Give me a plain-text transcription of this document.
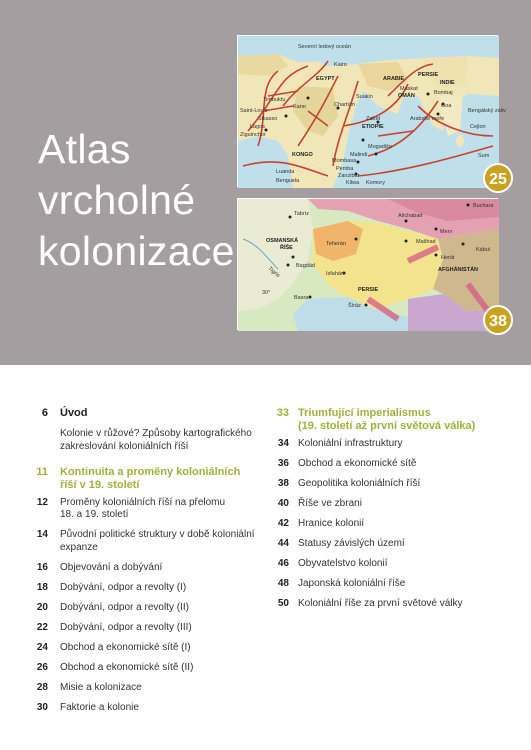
Atlas
vrcholné
kolonizace
Severní ledový oceán
EGYPT	ARABIE
PERSIE
Maskat
OMÁN
INDIE
Bombaj
Goa
Bengálský záliv
Arabské moře
Cejlon
Timbuktu
Sikasso
Lagos
Ziguinchor
Saint-Louis
Chartúm
Kano
Zabíd
ETIOPIE
KONGO
Mogadišo
Mombasa
Malindi
Pemba
Zanzibar
Luanda
Benguela	Komory
Kilwa
Sum
Suakin
Kairo
25
Buchara
Ašchabad
Merv
Tabríz
OSMANSKÁ
ŘÍŠE
Teherán	Mašhad
Kábul
Bagdád
Herát
AFGHÁNISTÁN
Isfahán
Basra
PERSIE
Šíráz
30°
Tigris
38
6 Úvod
Kolonie v růžové? Způsoby kartografického
zakreslování koloniálních říší
11 Kontinuita a proměny koloniálních
říší v 19. století
12 Proměny koloniálních říší na přelomu
18. a 19. století
14 Původní politické struktury v době koloniální
expanze
16 Objevování a dobývání
18 Dobývání, odpor a revolty (I)
20 Dobývání, odpor a revolty (II)
22 Dobývání, odpor a revolty (III)
24 Obchod a ekonomické sítě (I)
26 Obchod a ekonomické sítě (II)
28 Misie a kolonizace
30 Faktorie a kolonie
33 Triumfující imperialismus
(19. století až první světová válka)
34 Koloniální infrastruktury
36 Obchod a ekonomické sítě
38 Geopolitika koloniálních říší
40 Říše ve zbrani
42 Hranice kolonií
44 Statusy závislých území
46 Obyvatelstvo kolonií
48 Japonská koloniální říše
50 Koloniální říše za první světové války
